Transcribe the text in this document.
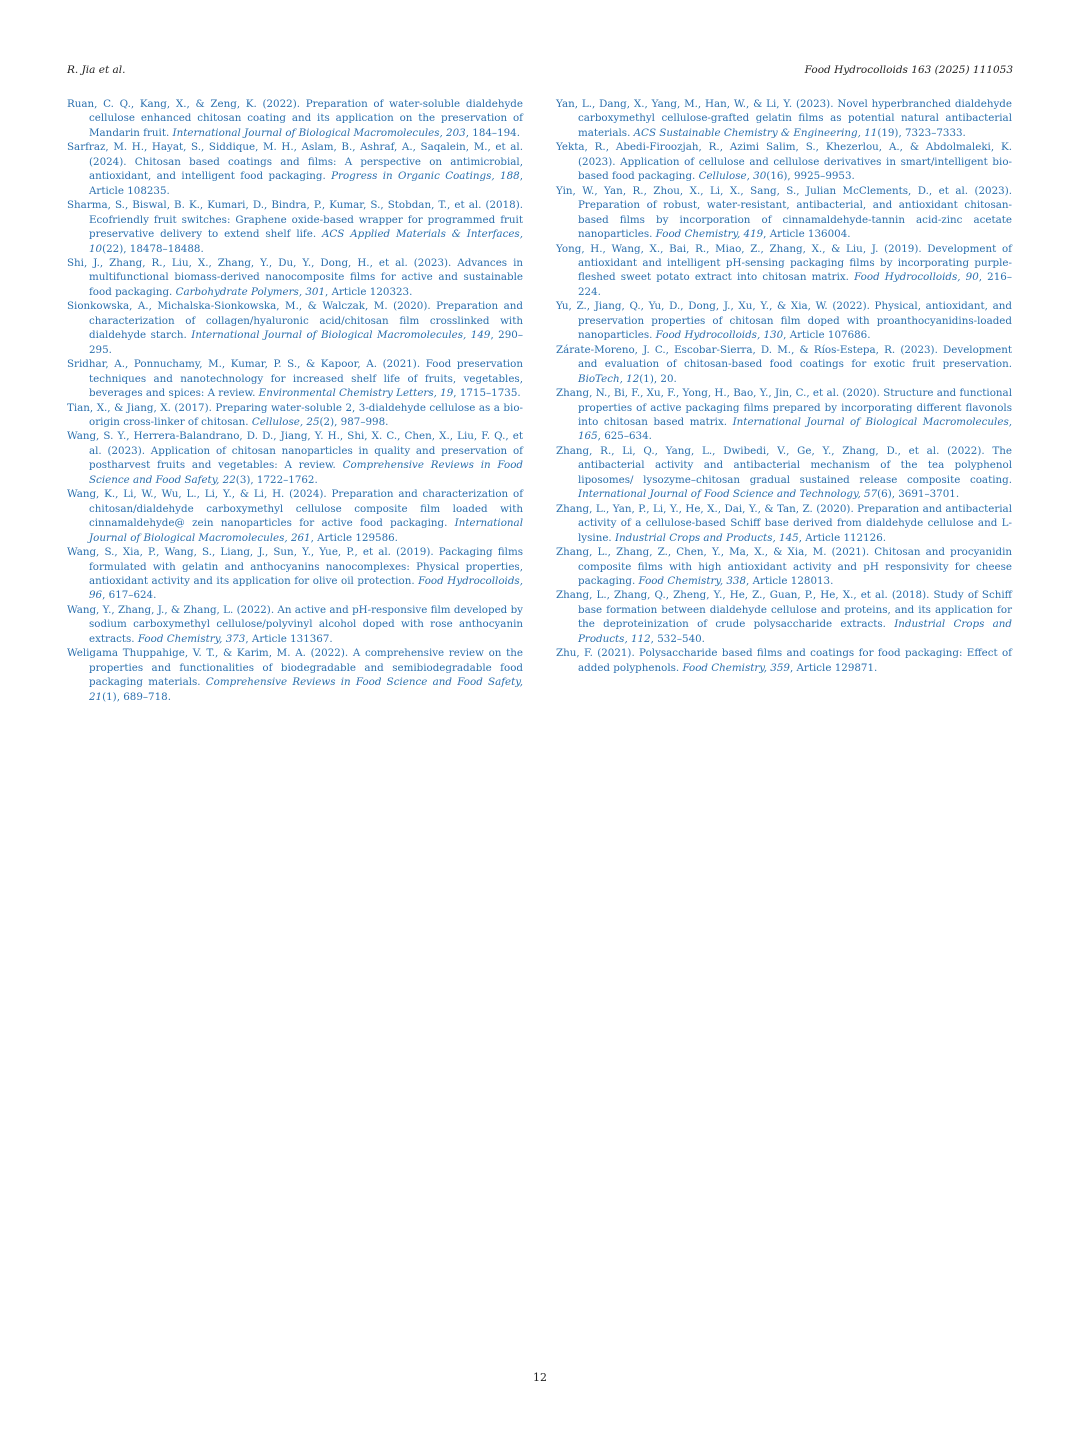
R. Jia et al.	Food Hydrocolloids 163 (2025) 111053

Ruan, C. Q., Kang, X., & Zeng, K. (2022). Preparation of water-soluble dialdehyde cellulose enhanced chitosan coating and its application on the preservation of Mandarin fruit. International Journal of Biological Macromolecules, 203, 184–194.

Sarfraz, M. H., Hayat, S., Siddique, M. H., Aslam, B., Ashraf, A., Saqalein, M., et al. (2024). Chitosan based coatings and films: A perspective on antimicrobial, antioxidant, and intelligent food packaging. Progress in Organic Coatings, 188, Article 108235.

Sharma, S., Biswal, B. K., Kumari, D., Bindra, P., Kumar, S., Stobdan, T., et al. (2018). Ecofriendly fruit switches: Graphene oxide-based wrapper for programmed fruit preservative delivery to extend shelf life. ACS Applied Materials & Interfaces, 10(22), 18478–18488.

Shi, J., Zhang, R., Liu, X., Zhang, Y., Du, Y., Dong, H., et al. (2023). Advances in multifunctional biomass-derived nanocomposite films for active and sustainable food packaging. Carbohydrate Polymers, 301, Article 120323.

Sionkowska, A., Michalska-Sionkowska, M., & Walczak, M. (2020). Preparation and characterization of collagen/hyaluronic acid/chitosan film crosslinked with dialdehyde starch. International Journal of Biological Macromolecules, 149, 290–295.

Sridhar, A., Ponnuchamy, M., Kumar, P. S., & Kapoor, A. (2021). Food preservation techniques and nanotechnology for increased shelf life of fruits, vegetables, beverages and spices: A review. Environmental Chemistry Letters, 19, 1715–1735.

Tian, X., & Jiang, X. (2017). Preparing water-soluble 2, 3-dialdehyde cellulose as a bio-origin cross-linker of chitosan. Cellulose, 25(2), 987–998.

Wang, S. Y., Herrera-Balandrano, D. D., Jiang, Y. H., Shi, X. C., Chen, X., Liu, F. Q., et al. (2023). Application of chitosan nanoparticles in quality and preservation of postharvest fruits and vegetables: A review. Comprehensive Reviews in Food Science and Food Safety, 22(3), 1722–1762.

Wang, K., Li, W., Wu, L., Li, Y., & Li, H. (2024). Preparation and characterization of chitosan/dialdehyde carboxymethyl cellulose composite film loaded with cinnamaldehyde@ zein nanoparticles for active food packaging. International Journal of Biological Macromolecules, 261, Article 129586.

Wang, S., Xia, P., Wang, S., Liang, J., Sun, Y., Yue, P., et al. (2019). Packaging films formulated with gelatin and anthocyanins nanocomplexes: Physical properties, antioxidant activity and its application for olive oil protection. Food Hydrocolloids, 96, 617–624.

Wang, Y., Zhang, J., & Zhang, L. (2022). An active and pH-responsive film developed by sodium carboxymethyl cellulose/polyvinyl alcohol doped with rose anthocyanin extracts. Food Chemistry, 373, Article 131367.

Weligama Thuppahige, V. T., & Karim, M. A. (2022). A comprehensive review on the properties and functionalities of biodegradable and semibiodegradable food packaging materials. Comprehensive Reviews in Food Science and Food Safety, 21(1), 689–718.

Yan, L., Dang, X., Yang, M., Han, W., & Li, Y. (2023). Novel hyperbranched dialdehyde carboxymethyl cellulose-grafted gelatin films as potential natural antibacterial materials. ACS Sustainable Chemistry & Engineering, 11(19), 7323–7333.

Yekta, R., Abedi-Firoozjah, R., Azimi Salim, S., Khezerlou, A., & Abdolmaleki, K. (2023). Application of cellulose and cellulose derivatives in smart/intelligent bio-based food packaging. Cellulose, 30(16), 9925–9953.

Yin, W., Yan, R., Zhou, X., Li, X., Sang, S., Julian McClements, D., et al. (2023). Preparation of robust, water-resistant, antibacterial, and antioxidant chitosan-based films by incorporation of cinnamaldehyde-tannin acid-zinc acetate nanoparticles. Food Chemistry, 419, Article 136004.

Yong, H., Wang, X., Bai, R., Miao, Z., Zhang, X., & Liu, J. (2019). Development of antioxidant and intelligent pH-sensing packaging films by incorporating purple-fleshed sweet potato extract into chitosan matrix. Food Hydrocolloids, 90, 216–224.

Yu, Z., Jiang, Q., Yu, D., Dong, J., Xu, Y., & Xia, W. (2022). Physical, antioxidant, and preservation properties of chitosan film doped with proanthocyanidins-loaded nanoparticles. Food Hydrocolloids, 130, Article 107686.

Zárate-Moreno, J. C., Escobar-Sierra, D. M., & Ríos-Estepa, R. (2023). Development and evaluation of chitosan-based food coatings for exotic fruit preservation. BioTech, 12(1), 20.

Zhang, N., Bi, F., Xu, F., Yong, H., Bao, Y., Jin, C., et al. (2020). Structure and functional properties of active packaging films prepared by incorporating different flavonols into chitosan based matrix. International Journal of Biological Macromolecules, 165, 625–634.

Zhang, R., Li, Q., Yang, L., Dwibedi, V., Ge, Y., Zhang, D., et al. (2022). The antibacterial activity and antibacterial mechanism of the tea polyphenol liposomes/ lysozyme–chitosan gradual sustained release composite coating. International Journal of Food Science and Technology, 57(6), 3691–3701.

Zhang, L., Yan, P., Li, Y., He, X., Dai, Y., & Tan, Z. (2020). Preparation and antibacterial activity of a cellulose-based Schiff base derived from dialdehyde cellulose and L-lysine. Industrial Crops and Products, 145, Article 112126.

Zhang, L., Zhang, Z., Chen, Y., Ma, X., & Xia, M. (2021). Chitosan and procyanidin composite films with high antioxidant activity and pH responsivity for cheese packaging. Food Chemistry, 338, Article 128013.

Zhang, L., Zhang, Q., Zheng, Y., He, Z., Guan, P., He, X., et al. (2018). Study of Schiff base formation between dialdehyde cellulose and proteins, and its application for the deproteinization of crude polysaccharide extracts. Industrial Crops and Products, 112, 532–540.

Zhu, F. (2021). Polysaccharide based films and coatings for food packaging: Effect of added polyphenols. Food Chemistry, 359, Article 129871.

12
